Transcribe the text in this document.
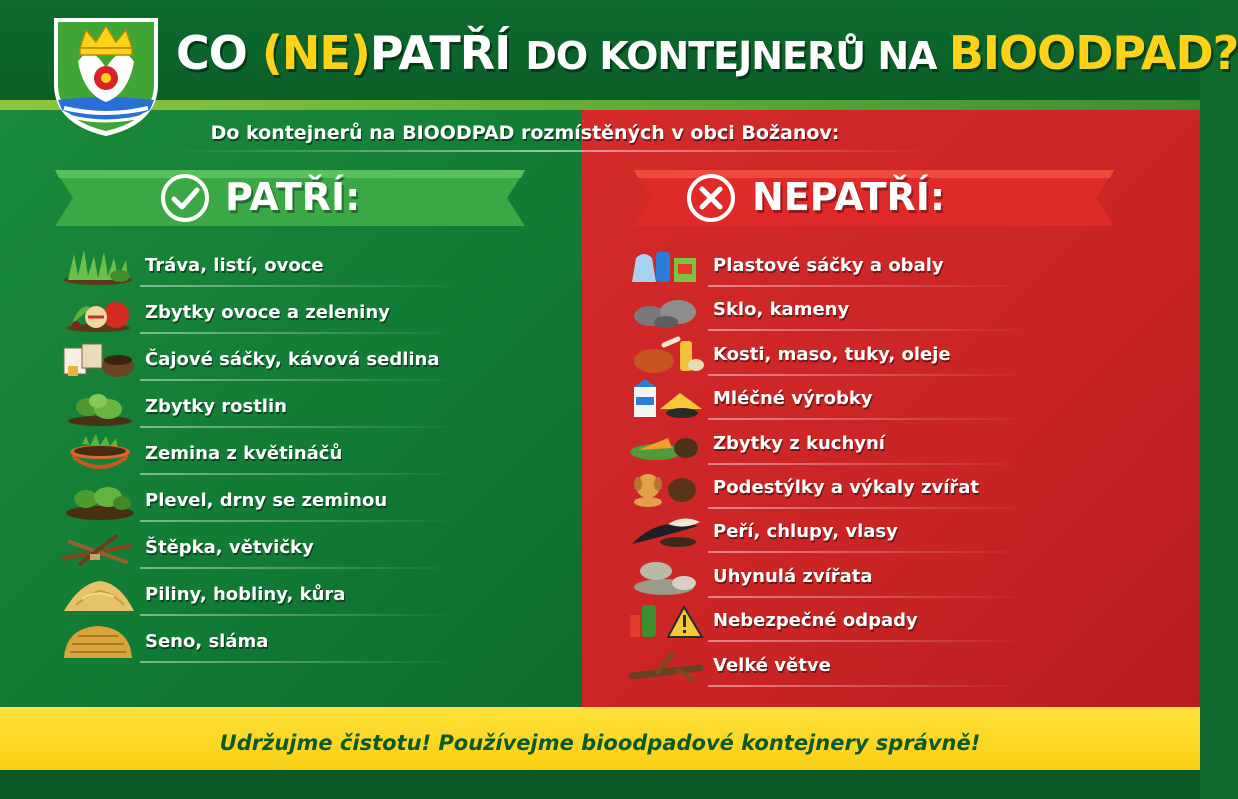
CO (NE)PATŘÍ DO KONTEJNERŮ NA BIOODPAD?
Do kontejnerů na BIOODPAD rozmístěných v obci Božanov:
PATŘÍ:	NEPATŘÍ:
Tráva, listí, ovoce
Zbytky ovoce a zeleniny
Čajové sáčky, kávová sedlina
Zbytky rostlin
Zemina z květináčů
Plevel, drny se zeminou
Štěpka, větvičky
Piliny, hobliny, kůra
Seno, sláma
Plastové sáčky a obaly
Sklo, kameny
Kosti, maso, tuky, oleje
Mléčné výrobky
Zbytky z kuchyní
Podestýlky a výkaly zvířat
Peří, chlupy, vlasy
Uhynulá zvířata
Nebezpečné odpady
Velké větve
Udržujme čistotu! Používejme bioodpadové kontejnery správně!
